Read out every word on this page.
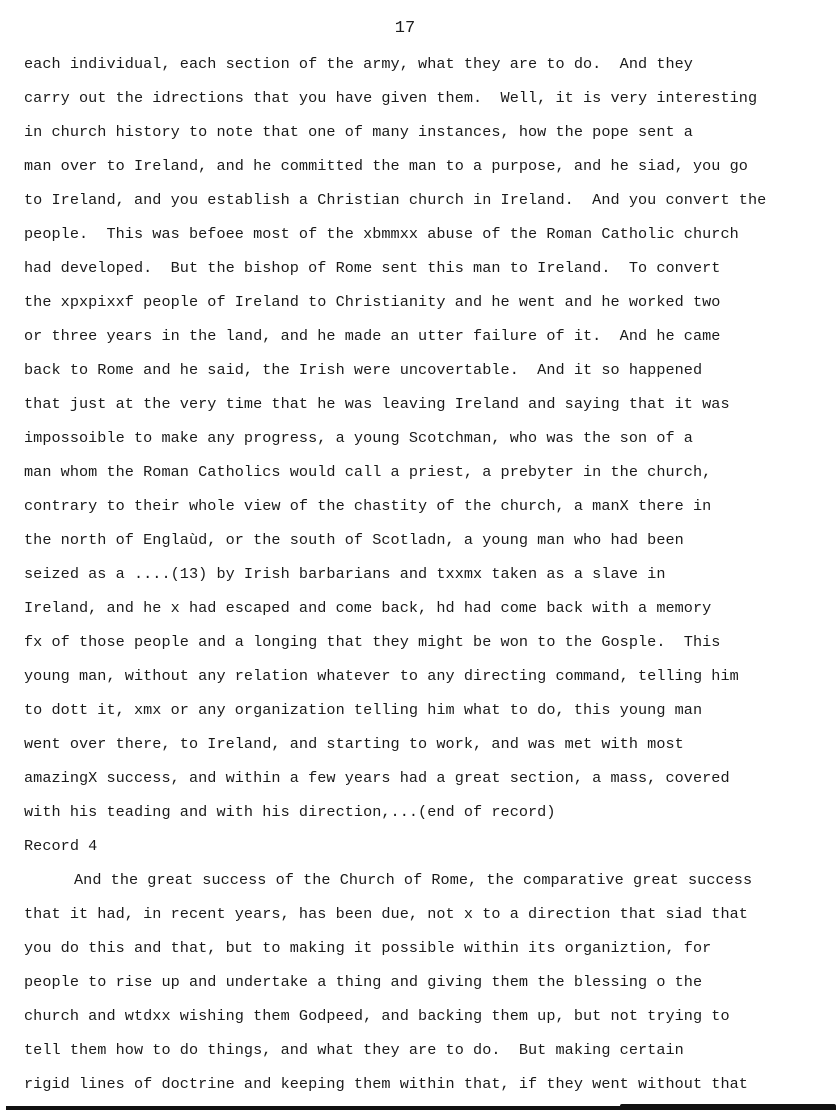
17
each individual, each section of the army, what they are to do.  And they
carry out the idrections that you have given them.  Well, it is very interesting
in church history to note that one of many instances, how the pope sent a
man over to Ireland, and he committed the man to a purpose, and he siad, you go
to Ireland, and you establish a Christian church in Ireland.  And you convert the
people.  This was befoee most of the xbmmxx abuse of the Roman Catholic church
had developed.  But the bishop of Rome sent this man to Ireland.  To convert
the xpxpixxf people of Ireland to Christianity and he went and he worked two
or three years in the land, and he made an utter failure of it.  And he came
back to Rome and he said, the Irish were uncovertable.  And it so happened
that just at the very time that he was leaving Ireland and saying that it was
impossoible to make any progress, a young Scotchman, who was the son of a
man whom the Roman Catholics would call a priest, a prebyter in the church,
contrary to their whole view of the chastity of the church, a manX there in
the north of Englaùd, or the south of Scotladn, a young man who had been
seized as a ....(13) by Irish barbarians and txxmx taken as a slave in
Ireland, and he x had escaped and come back, hd had come back with a memory
fx of those people and a longing that they might be won to the Gosple.  This
young man, without any relation whatever to any directing command, telling him
to dott it, xmx or any organization telling him what to do, this young man
went over there, to Ireland, and starting to work, and was met with most
amazingX success, and within a few years had a great section, a mass, covered
with his teading and with his direction,...(end of record)
Record 4
And the great success of the Church of Rome, the comparative great success
that it had, in recent years, has been due, not x to a direction that siad that
you do this and that, but to making it possible within its organiztion, for
people to rise up and undertake a thing and giving them the blessing o the
church and wtdxx wishing them Godpeed, and backing them up, but not trying to
tell them how to do things, and what they are to do.  But making certain
rigid lines of doctrine and keeping them within that, if they went without that
